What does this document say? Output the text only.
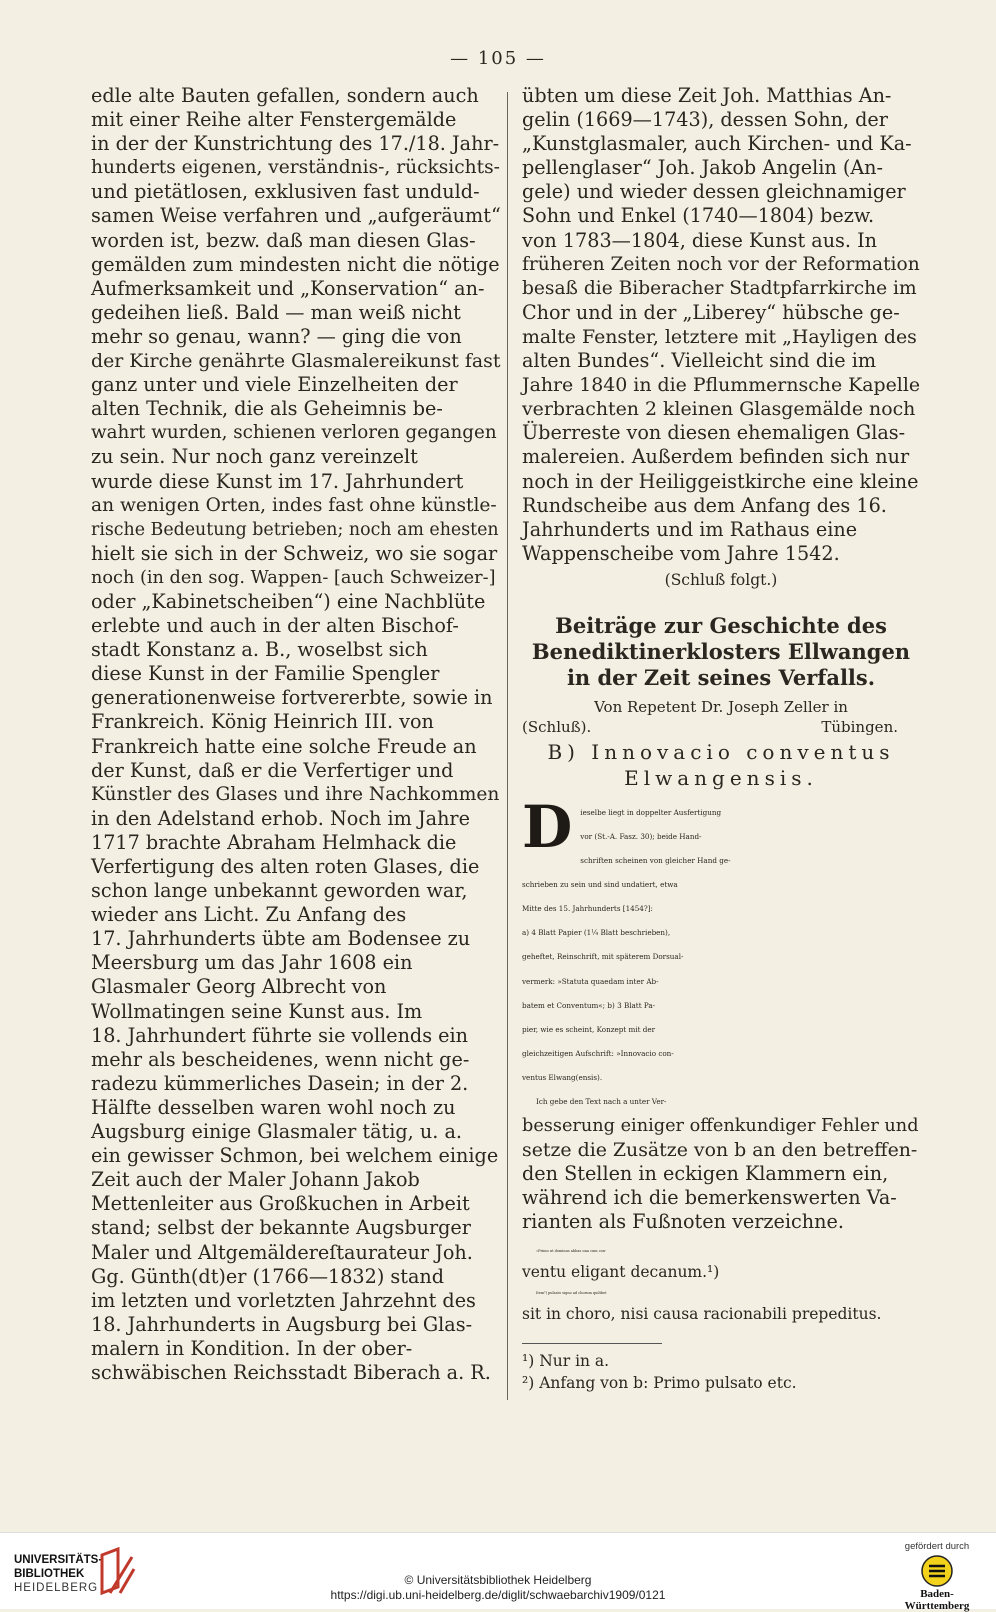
— 105 —
edle alte Bauten gefallen, sondern auch
mit einer Reihe alter Fenstergemälde
in der der Kunstrichtung des 17./18. Jahr-
hunderts eigenen, verständnis-, rücksichts-
und pietätlosen, exklusiven fast unduld-
samen Weise verfahren und „aufgeräumt“
worden ist, bezw. daß man diesen Glas-
gemälden zum mindesten nicht die nötige
Aufmerksamkeit und „Konservation“ an-
gedeihen ließ. Bald — man weiß nicht
mehr so genau, wann? — ging die von
der Kirche genährte Glasmalereikunst fast
ganz unter und viele Einzelheiten der
alten Technik, die als Geheimnis be-
wahrt wurden, schienen verloren gegangen
zu sein. Nur noch ganz vereinzelt
wurde diese Kunst im 17. Jahrhundert
an wenigen Orten, indes fast ohne künstle-
rische Bedeutung betrieben; noch am ehesten
hielt sie sich in der Schweiz, wo sie sogar
noch (in den sog. Wappen- [auch Schweizer-]
oder „Kabinetscheiben“) eine Nachblüte
erlebte und auch in der alten Bischof-
stadt Konstanz a. B., woselbst sich
diese Kunst in der Familie Spengler
generationenweise fortvererbte, sowie in
Frankreich. König Heinrich III. von
Frankreich hatte eine solche Freude an
der Kunst, daß er die Verfertiger und
Künstler des Glases und ihre Nachkommen
in den Adelstand erhob. Noch im Jahre
1717 brachte Abraham Helmhack die
Verfertigung des alten roten Glases, die
schon lange unbekannt geworden war,
wieder ans Licht. Zu Anfang des
17. Jahrhunderts übte am Bodensee zu
Meersburg um das Jahr 1608 ein
Glasmaler Georg Albrecht von
Wollmatingen seine Kunst aus. Im
18. Jahrhundert führte sie vollends ein
mehr als bescheidenes, wenn nicht ge-
radezu kümmerliches Dasein; in der 2.
Hälfte desselben waren wohl noch zu
Augsburg einige Glasmaler tätig, u. a.
ein gewisser Schmon, bei welchem einige
Zeit auch der Maler Johann Jakob
Mettenleiter aus Großkuchen in Arbeit
stand; selbst der bekannte Augsburger
Maler und Altgemäldereſtaurateur Joh.
Gg. Günth(dt)er (1766—1832) stand
im letzten und vorletzten Jahrzehnt des
18. Jahrhunderts in Augsburg bei Glas-
malern in Kondition. In der ober-
schwäbischen Reichsstadt Biberach a. R.
übten um diese Zeit Joh. Matthias An-
gelin (1669—1743), dessen Sohn, der
„Kunstglasmaler, auch Kirchen- und Ka-
pellenglaser“ Joh. Jakob Angelin (An-
gele) und wieder dessen gleichnamiger
Sohn und Enkel (1740—1804) bezw.
von 1783—1804, diese Kunst aus. In
früheren Zeiten noch vor der Reformation
besaß die Biberacher Stadtpfarrkirche im
Chor und in der „Liberey“ hübsche ge-
malte Fenster, letztere mit „Hayligen des
alten Bundes“. Vielleicht sind die im
Jahre 1840 in die Pflummernsche Kapelle
verbrachten 2 kleinen Glasgemälde noch
Überreste von diesen ehemaligen Glas-
malereien. Außerdem befinden sich nur
noch in der Heiliggeistkirche eine kleine
Rundscheibe aus dem Anfang des 16.
Jahrhunderts und im Rathaus eine
Wappenscheibe vom Jahre 1542.
(Schluß folgt.)
Beiträge zur Geschichte des
Benediktinerklosters Ellwangen
in der Zeit seines Verfalls.
Von Repetent Dr. Joseph Zeller in
(Schluß).	Tübingen.
B) Innovacio conventus
Elwangensis.
D	ieselbe liegt in doppelter Ausfertigung
vor (St.-A. Fasz. 30); beide Hand-
schriften scheinen von gleicher Hand ge-
schrieben zu sein und sind undatiert, etwa
Mitte des 15. Jahrhunderts [1454?]:
a) 4 Blatt Papier (1¼ Blatt beschrieben),
geheftet, Reinschrift, mit späterem Dorsual-
vermerk: »Statuta quaedam inter Ab-
batem et Conventum«; b) 3 Blatt Pa-
pier, wie es scheint, Konzept mit der
gleichzeitigen Aufschrift: »Innovacio con-
ventus Elwang(ensis).
Ich gebe den Text nach a unter Ver-
besserung einiger offenkundiger Fehler und
setze die Zusätze von b an den betreffen-
den Stellen in eckigen Klammern ein,
während ich die bemerkenswerten Va-
rianten als Fußnoten verzeichne.
»Primo ut dominus abbas una cum con-
ventu eligant decanum.¹)
Item²) pulsato signo ad chorum quilibet
sit in choro, nisi causa racionabili prepeditus.
¹) Nur in a.
²) Anfang von b: Primo pulsato etc.
UNIVERSITÄTS-
BIBLIOTHEK
HEIDELBERG
© Universitätsbibliothek Heidelberg
https://digi.ub.uni-heidelberg.de/diglit/schwaebarchiv1909/0121
gefördert durch
Baden-Württemberg
